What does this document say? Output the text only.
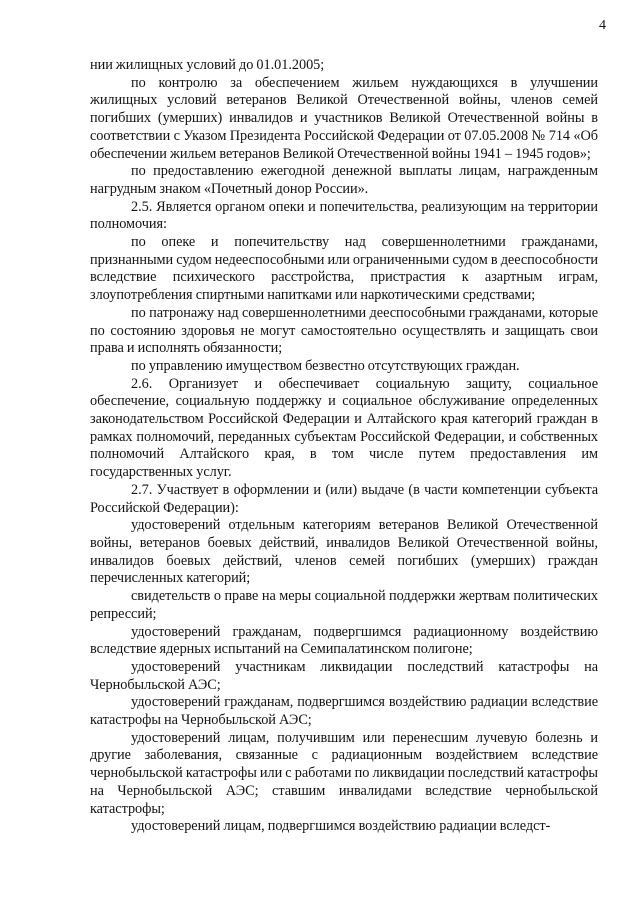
4

нии жилищных условий до 01.01.2005;

по контролю за обеспечением жильем нуждающихся в улучшении жилищных условий ветеранов Великой Отечественной войны, членов семей погибших (умерших) инвалидов и участников Великой Отечественной войны в соответствии с Указом Президента Российской Федерации от 07.05.2008 № 714 «Об обеспечении жильем ветеранов Великой Отечественной войны 1941 – 1945 годов»;

по предоставлению ежегодной денежной выплаты лицам, награжденным нагрудным знаком «Почетный донор России».

2.5. Является органом опеки и попечительства, реализующим на территории полномочия:

по опеке и попечительству над совершеннолетними гражданами, признанными судом недееспособными или ограниченными судом в дееспособности вследствие психического расстройства, пристрастия к азартным играм, злоупотребления спиртными напитками или наркотическими средствами;

по патронажу над совершеннолетними дееспособными гражданами, которые по состоянию здоровья не могут самостоятельно осуществлять и защищать свои права и исполнять обязанности;

по управлению имуществом безвестно отсутствующих граждан.

2.6. Организует и обеспечивает социальную защиту, социальное обеспечение, социальную поддержку и социальное обслуживание определенных законодательством Российской Федерации и Алтайского края категорий граждан в рамках полномочий, переданных субъектам Российской Федерации, и собственных полномочий Алтайского края, в том числе путем предоставления им государственных услуг.

2.7. Участвует в оформлении и (или) выдаче (в части компетенции субъекта Российской Федерации):

удостоверений отдельным категориям ветеранов Великой Отечественной войны, ветеранов боевых действий, инвалидов Великой Отечественной войны, инвалидов боевых действий, членов семей погибших (умерших) граждан перечисленных категорий;

свидетельств о праве на меры социальной поддержки жертвам политических репрессий;

удостоверений гражданам, подвергшимся радиационному воздействию вследствие ядерных испытаний на Семипалатинском полигоне;

удостоверений участникам ликвидации последствий катастрофы на Чернобыльской АЭС;

удостоверений гражданам, подвергшимся воздействию радиации вследствие катастрофы на Чернобыльской АЭС;

удостоверений лицам, получившим или перенесшим лучевую болезнь и другие заболевания, связанные с радиационным воздействием вследствие чернобыльской катастрофы или с работами по ликвидации последствий катастрофы на Чернобыльской АЭС; ставшим инвалидами вследствие чернобыльской катастрофы;

удостоверений лицам, подвергшимся воздействию радиации вследст-
